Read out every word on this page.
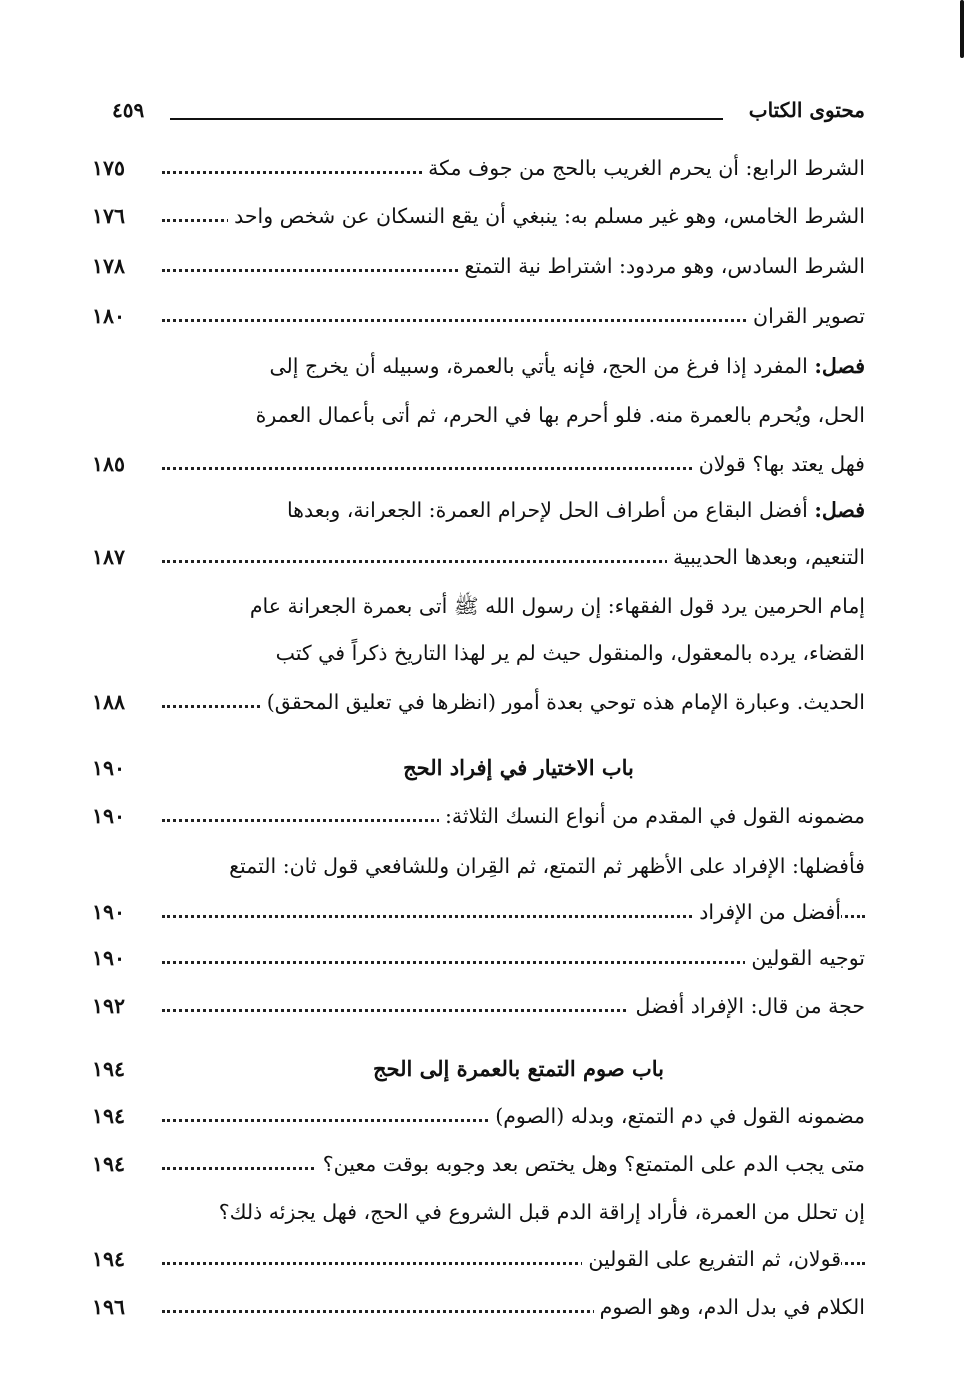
محتوى الكتاب
٤٥٩
الشرط الرابع: أن يحرم الغريب بالحج من جوف مكة
١٧٥
الشرط الخامس، وهو غير مسلم به: ينبغي أن يقع النسكان عن شخص واحد
١٧٦
الشرط السادس، وهو مردود: اشتراط نية التمتع
١٧٨
تصوير القران
١٨٠
فصل: المفرد إذا فرغ من الحج، فإنه يأتي بالعمرة، وسبيله أن يخرج إلى
الحل، ويُحرم بالعمرة منه. فلو أحرم بها في الحرم، ثم أتى بأعمال العمرة
فهل يعتد بها؟ قولان
١٨٥
فصل: أفضل البقاع من أطراف الحل لإحرام العمرة: الجعرانة، وبعدها
التنعيم، وبعدها الحديبية
١٨٧
إمام الحرمين يرد قول الفقهاء: إن رسول الله ﷺ أتى بعمرة الجعرانة عام
القضاء، يرده بالمعقول، والمنقول حيث لم ير لهذا التاريخ ذكراً في كتب
الحديث. وعبارة الإمام هذه توحي بعدة أمور (انظرها في تعليق المحقق)
١٨٨
باب الاختيار في إفراد الحج
١٩٠
مضمونه القول في المقدم من أنواع النسك الثلاثة:
١٩٠
فأفضلها: الإفراد على الأظهر ثم التمتع، ثم القِران وللشافعي قول ثان: التمتع
أفضل من الإفراد
١٩٠
توجيه القولين
١٩٠
حجة من قال: الإفراد أفضل
١٩٢
باب صوم التمتع بالعمرة إلى الحج
١٩٤
مضمونه القول في دم التمتع، وبدله (الصوم)
١٩٤
متى يجب الدم على المتمتع؟ وهل يختص بعد وجوبه بوقت معين؟
١٩٤
إن تحلل من العمرة، فأراد إراقة الدم قبل الشروع في الحج، فهل يجزئه ذلك؟
قولان، ثم التفريع على القولين
١٩٤
الكلام في بدل الدم، وهو الصوم
١٩٦
